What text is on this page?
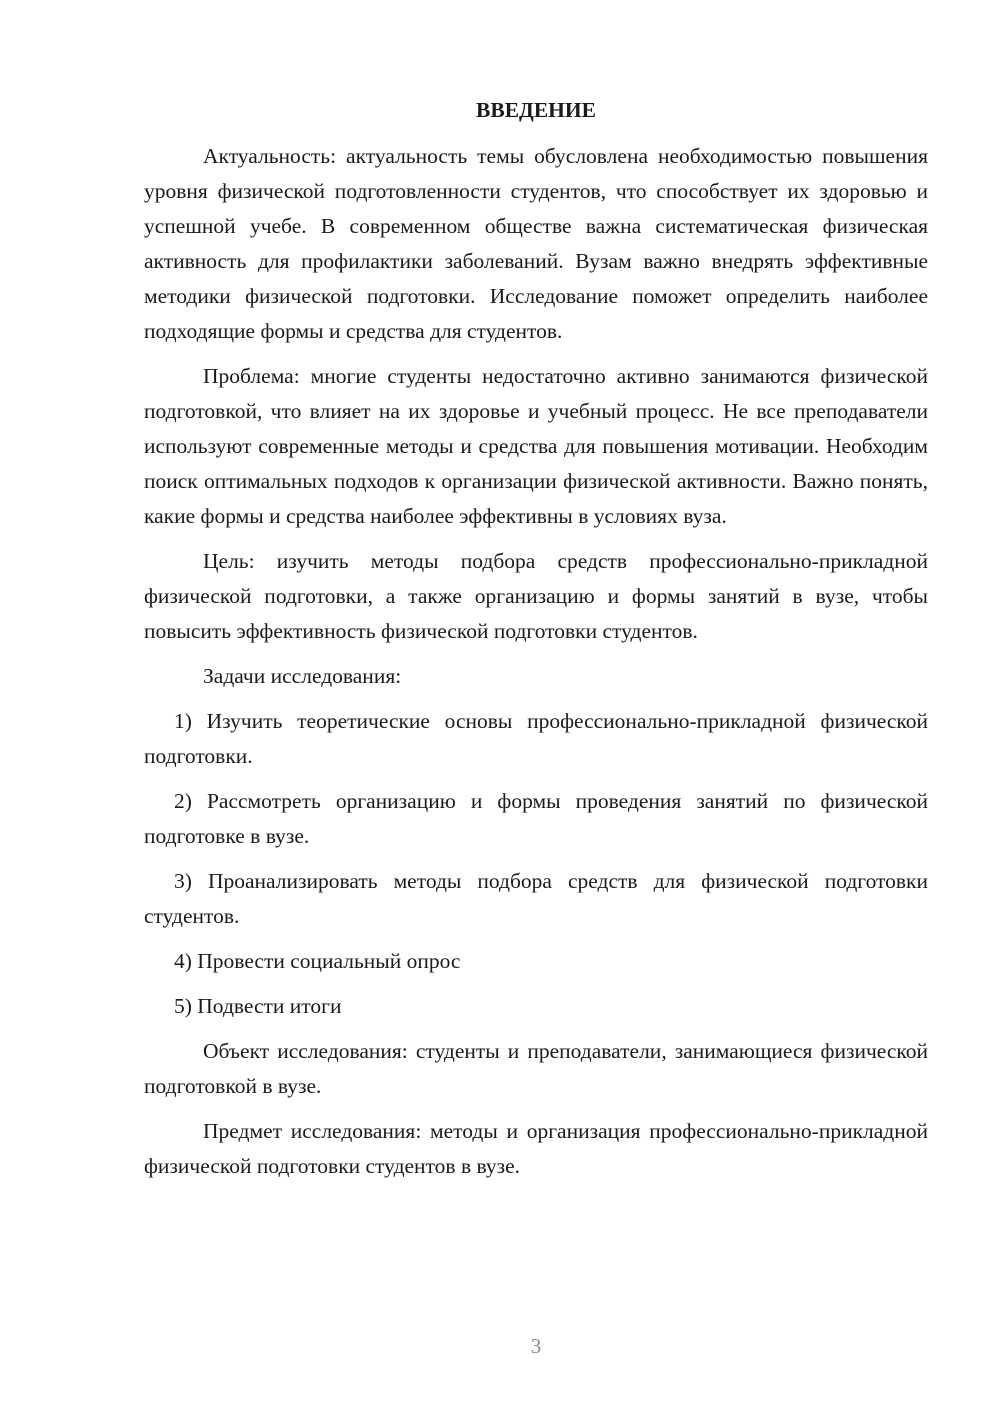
ВВЕДЕНИЕ

Актуальность: актуальность темы обусловлена необходимостью повышения уровня физической подготовленности студентов, что способствует их здоровью и успешной учебе. В современном обществе важна систематическая физическая активность для профилактики заболеваний. Вузам важно внедрять эффективные методики физической подготовки. Исследование поможет определить наиболее подходящие формы и средства для студентов.

Проблема: многие студенты недостаточно активно занимаются физической подготовкой, что влияет на их здоровье и учебный процесс. Не все преподаватели используют современные методы и средства для повышения мотивации. Необходим поиск оптимальных подходов к организации физической активности. Важно понять, какие формы и средства наиболее эффективны в условиях вуза.

Цель: изучить методы подбора средств профессионально-прикладной физической подготовки, а также организацию и формы занятий в вузе, чтобы повысить эффективность физической подготовки студентов.

Задачи исследования:

1) Изучить теоретические основы профессионально-прикладной физической подготовки.

2) Рассмотреть организацию и формы проведения занятий по физической подготовке в вузе.

3) Проанализировать методы подбора средств для физической подготовки студентов.

4) Провести социальный опрос

5) Подвести итоги

Объект исследования: студенты и преподаватели, занимающиеся физической подготовкой в вузе.

Предмет исследования: методы и организация профессионально-прикладной физической подготовки студентов в вузе.

3
